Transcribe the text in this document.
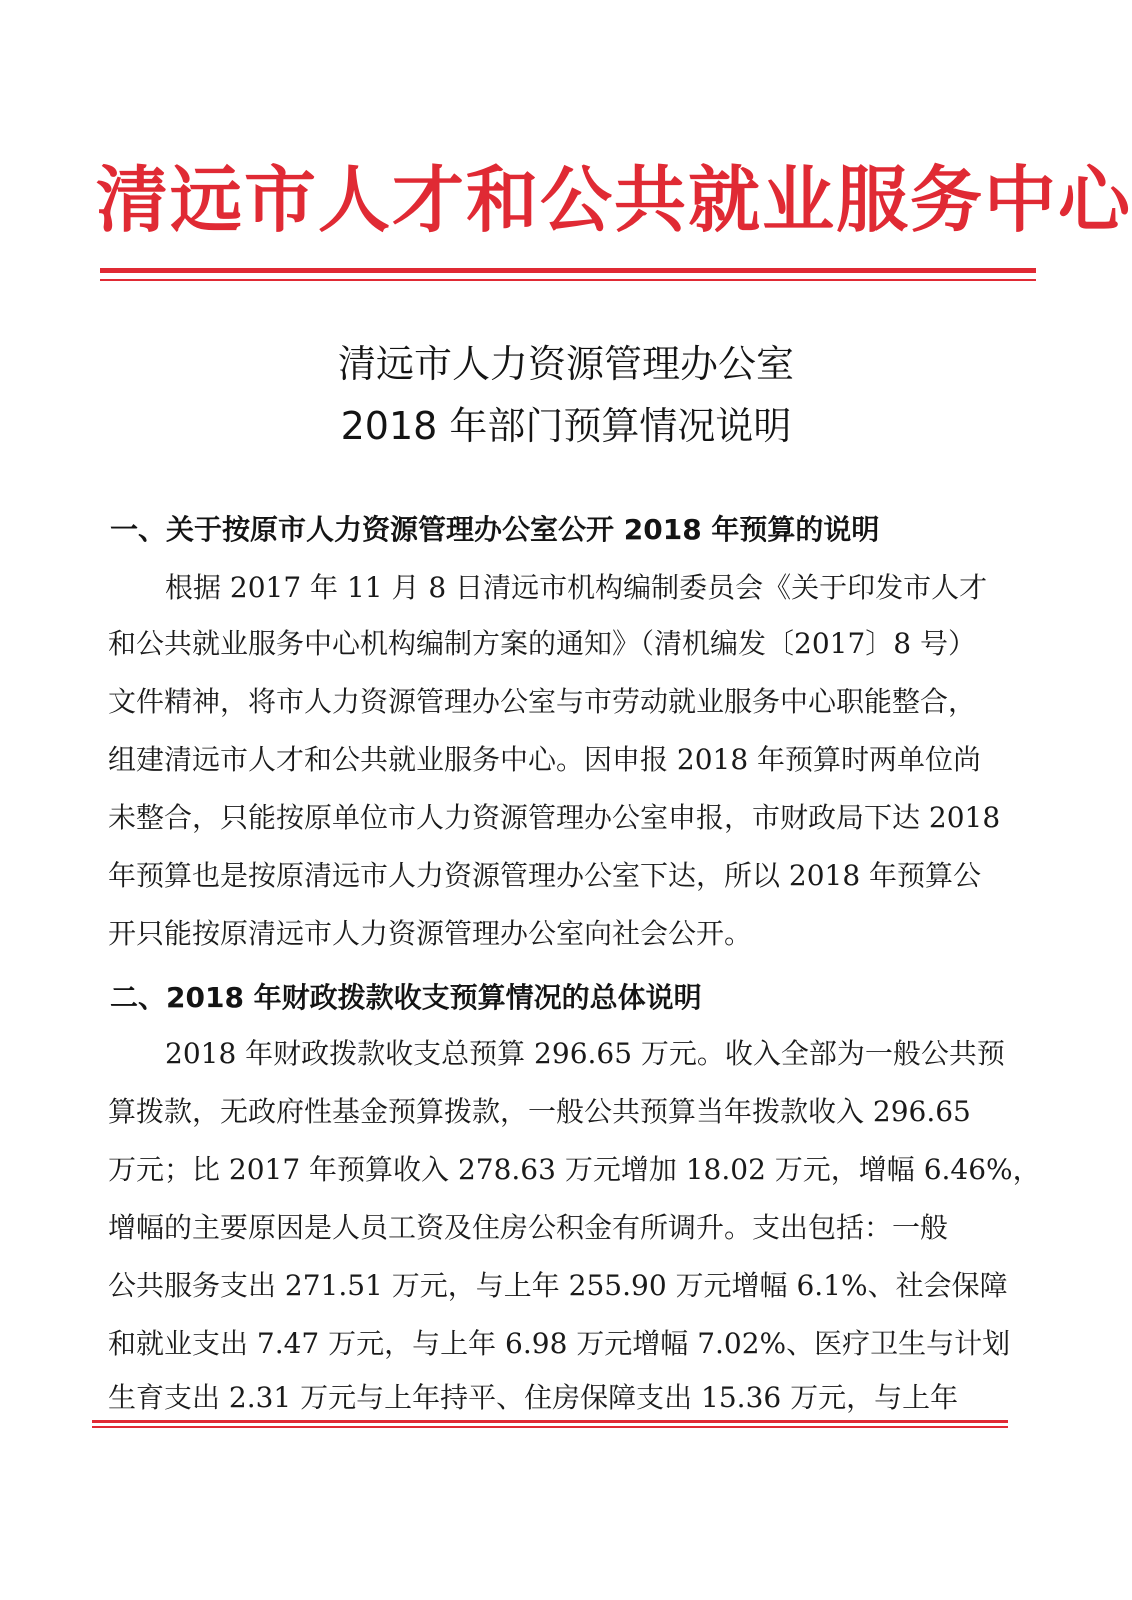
清远市人才和公共就业服务中心
清远市人力资源管理办公室
2018 年部门预算情况说明
一、关于按原市人力资源管理办公室公开 2018 年预算的说明

根据 2017 年 11 月 8 日清远市机构编制委员会《关于印发市人才

和公共就业服务中心机构编制方案的通知》（清机编发〔2017〕8 号）

文件精神，将市人力资源管理办公室与市劳动就业服务中心职能整合，

组建清远市人才和公共就业服务中心。因申报 2018 年预算时两单位尚

未整合，只能按原单位市人力资源管理办公室申报，市财政局下达 2018

年预算也是按原清远市人力资源管理办公室下达，所以 2018 年预算公

开只能按原清远市人力资源管理办公室向社会公开。

二、2018 年财政拨款收支预算情况的总体说明

2018 年财政拨款收支总预算 296.65 万元。收入全部为一般公共预

算拨款，无政府性基金预算拨款，一般公共预算当年拨款收入 296.65

万元；比 2017 年预算收入 278.63 万元增加 18.02 万元，增幅 6.46%，

增幅的主要原因是人员工资及住房公积金有所调升。支出包括：一般

公共服务支出 271.51 万元，与上年 255.90 万元增幅 6.1%、社会保障

和就业支出 7.47 万元，与上年 6.98 万元增幅 7.02%、医疗卫生与计划

生育支出 2.31 万元与上年持平、住房保障支出 15.36 万元，与上年
